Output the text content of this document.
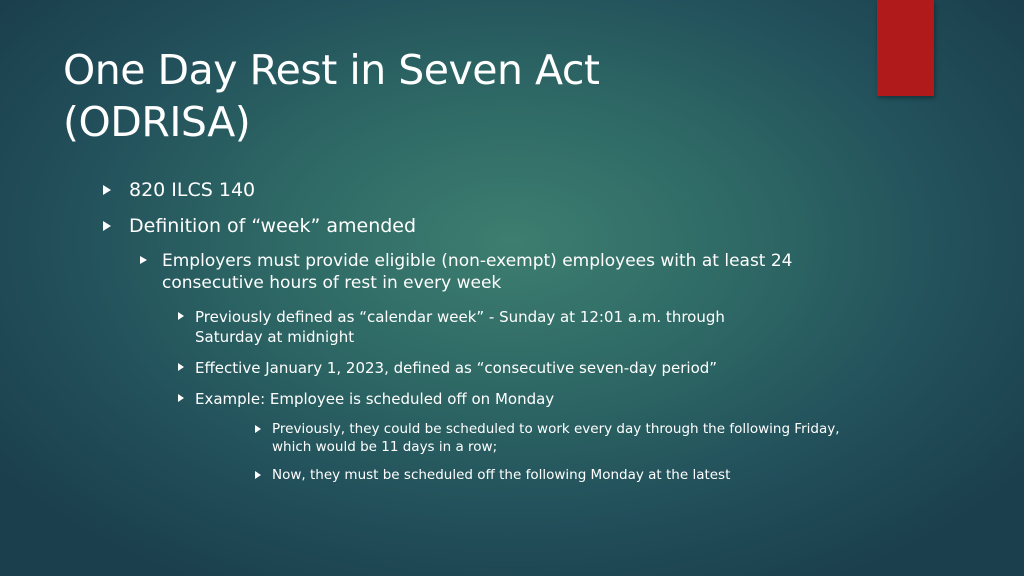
One Day Rest in Seven Act
(ODRISA)
820 ILCS 140
Definition of “week” amended
Employers must provide eligible (non-exempt) employees with at least 24 consecutive hours of rest in every week
Previously defined as “calendar week” - Sunday at 12:01 a.m. through Saturday at midnight
Effective January 1, 2023, defined as “consecutive seven-day period”
Example: Employee is scheduled off on Monday
Previously, they could be scheduled to work every day through the following Friday, which would be 11 days in a row;
Now, they must be scheduled off the following Monday at the latest
